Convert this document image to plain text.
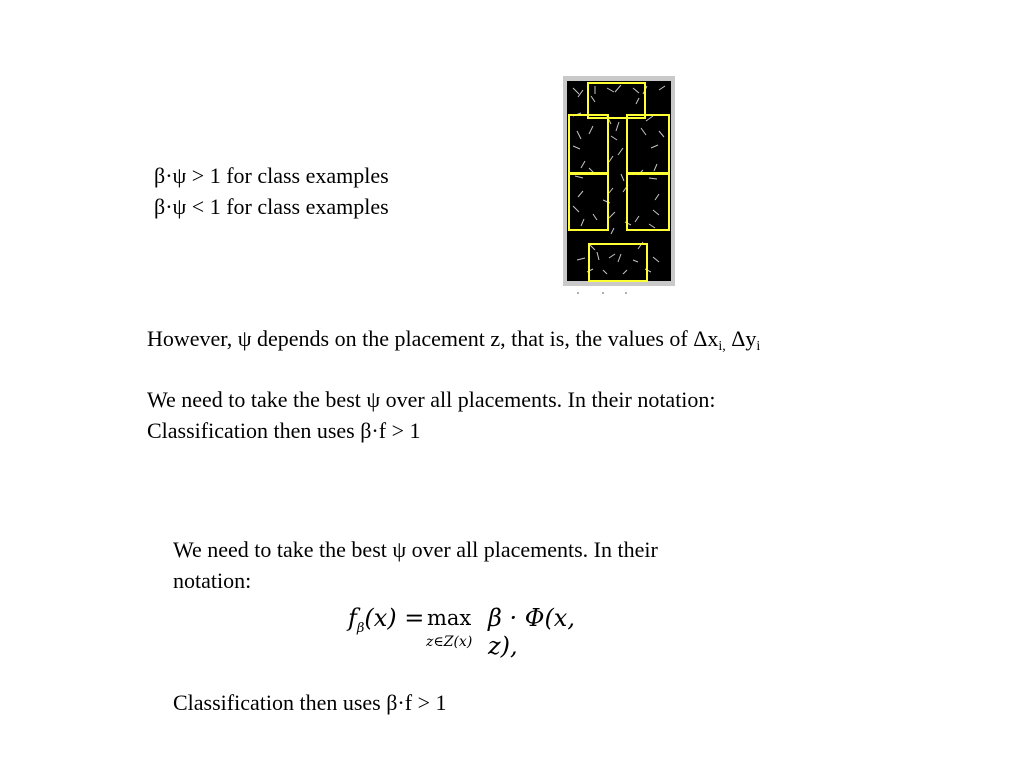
β·ψ > 1 for class examples
β·ψ < 1 for class examples
However, ψ depends on the placement z, that is, the values of $\Delta x_{i,}$ $\Delta y_i$
We need to take the best ψ over all placements. In their notation:
Classification then uses β·f > 1
We need to take the best ψ over all placements. In their
notation:
$f_\beta(x) = \max$
z∈Z(x)
β · Φ(x, z),
Classification then uses β·f > 1
